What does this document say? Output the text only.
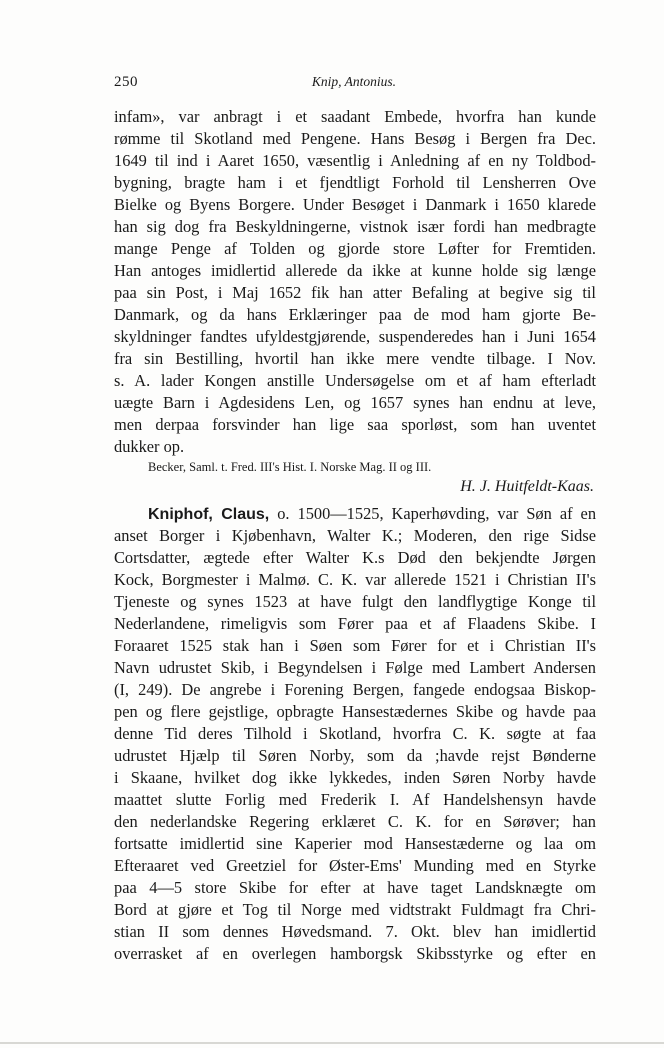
250	Knip, Antonius.
infam», var anbragt i et saadant Embede, hvorfra han kunde
rømme til Skotland med Pengene. Hans Besøg i Bergen fra Dec.
1649 til ind i Aaret 1650, væsentlig i Anledning af en ny Toldbod-
bygning, bragte ham i et fjendtligt Forhold til Lensherren Ove
Bielke og Byens Borgere. Under Besøget i Danmark i 1650 klarede
han sig dog fra Beskyldningerne, vistnok især fordi han medbragte
mange Penge af Tolden og gjorde store Løfter for Fremtiden.
Han antoges imidlertid allerede da ikke at kunne holde sig længe
paa sin Post, i Maj 1652 fik han atter Befaling at begive sig til
Danmark, og da hans Erklæringer paa de mod ham gjorte Be-
skyldninger fandtes ufyldestgjørende, suspenderedes han i Juni 1654
fra sin Bestilling, hvortil han ikke mere vendte tilbage. I Nov.
s. A. lader Kongen anstille Undersøgelse om et af ham efterladt
uægte Barn i Agdesidens Len, og 1657 synes han endnu at leve,
men derpaa forsvinder han lige saa sporløst, som han uventet
dukker op.
Becker, Saml. t. Fred. III's Hist. I. Norske Mag. II og III.
H. J. Huitfeldt-Kaas.
Kniphof, Claus, o. 1500—1525, Kaperhøvding, var Søn af en
anset Borger i Kjøbenhavn, Walter K.; Moderen, den rige Sidse
Cortsdatter, ægtede efter Walter K.s Død den bekjendte Jørgen
Kock, Borgmester i Malmø. C. K. var allerede 1521 i Christian II's
Tjeneste og synes 1523 at have fulgt den landflygtige Konge til
Nederlandene, rimeligvis som Fører paa et af Flaadens Skibe. I
Foraaret 1525 stak han i Søen som Fører for et i Christian II's
Navn udrustet Skib, i Begyndelsen i Følge med Lambert Andersen
(I, 249). De angrebe i Forening Bergen, fangede endogsaa Biskop-
pen og flere gejstlige, opbragte Hansestædernes Skibe og havde paa
denne Tid deres Tilhold i Skotland, hvorfra C. K. søgte at faa
udrustet Hjælp til Søren Norby, som da ;havde rejst Bønderne
i Skaane, hvilket dog ikke lykkedes, inden Søren Norby havde
maattet slutte Forlig med Frederik I. Af Handelshensyn havde
den nederlandske Regering erklæret C. K. for en Sørøver; han
fortsatte imidlertid sine Kaperier mod Hansestæderne og laa om
Efteraaret ved Greetziel for Øster-Ems' Munding med en Styrke
paa 4—5 store Skibe for efter at have taget Landsknægte om
Bord at gjøre et Tog til Norge med vidtstrakt Fuldmagt fra Chri-
stian II som dennes Høvedsmand. 7. Okt. blev han imidlertid
overrasket af en overlegen hamborgsk Skibsstyrke og efter en
